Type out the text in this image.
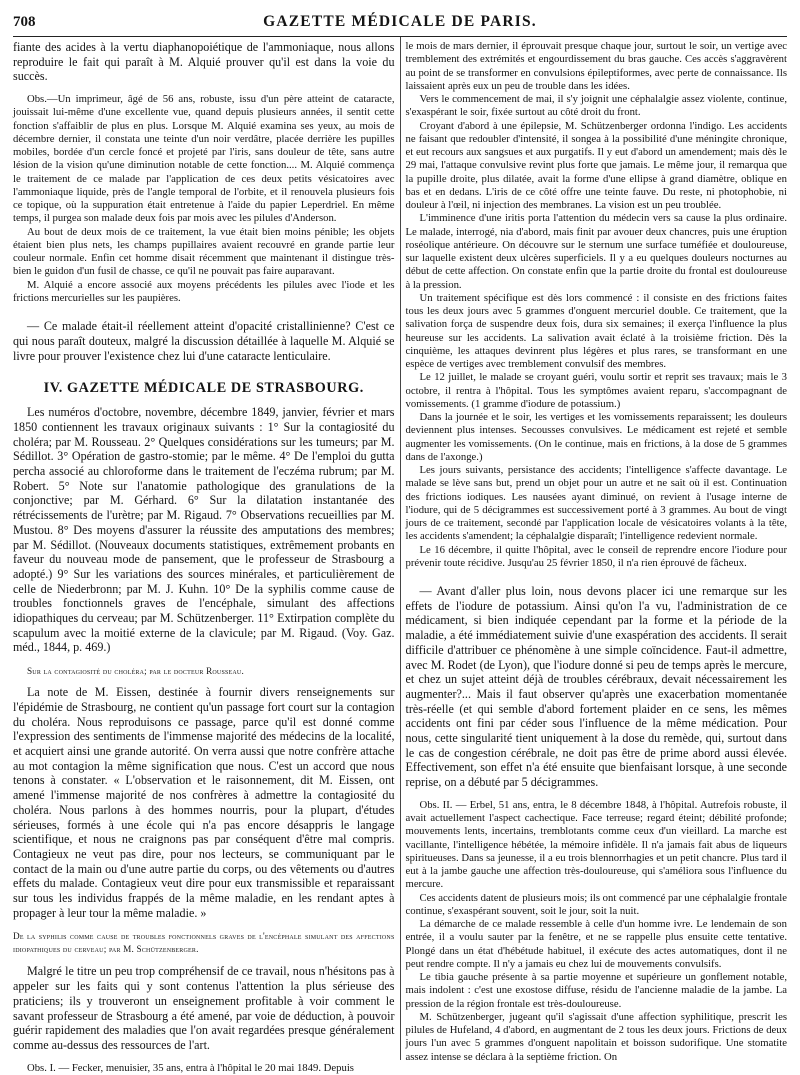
708	GAZETTE MÉDICALE DE PARIS.

fiante des acides à la vertu diaphanopoiétique de l'ammoniaque, nous allons reproduire le fait qui paraît à M. Alquié prouver qu'il est dans la voie du succès.

Obs.—Un imprimeur, âgé de 56 ans, robuste, issu d'un père atteint de cataracte, jouissait lui-même d'une excellente vue, quand depuis plusieurs années, il sentit cette fonction s'affaiblir de plus en plus. Lorsque M. Alquié examina ses yeux, au mois de décembre dernier, il constata une teinte d'un noir verdâtre, placée derrière les pupilles mobiles, bordée d'un cercle foncé et projeté par l'iris, sans douleur de tête, sans autre lésion de la vision qu'une diminution notable de cette fonction.... M. Alquié commença le traitement de ce malade par l'application de ces deux petits vésicatoires avec l'ammoniaque liquide, près de l'angle temporal de l'orbite, et il renouvela plusieurs fois ce topique, où la suppuration était entretenue à l'aide du papier Leperdriel. En même temps, il purgea son malade deux fois par mois avec les pilules d'Anderson.

Au bout de deux mois de ce traitement, la vue était bien moins pénible; les objets étaient bien plus nets, les champs pupillaires avaient recouvré en grande partie leur couleur normale. Enfin cet homme disait récemment que maintenant il distingue très-bien le guidon d'un fusil de chasse, ce qu'il ne pouvait pas faire auparavant.

M. Alquié a encore associé aux moyens précédents les pilules avec l'iode et les frictions mercurielles sur les paupières.

— Ce malade était-il réellement atteint d'opacité cristallinienne? C'est ce qui nous paraît douteux, malgré la discussion détaillée à laquelle M. Alquié se livre pour prouver l'existence chez lui d'une cataracte lenticulaire.

IV. GAZETTE MÉDICALE DE STRASBOURG.

Les numéros d'octobre, novembre, décembre 1849, janvier, février et mars 1850 contiennent les travaux originaux suivants : 1° Sur la contagiosité du choléra; par M. Rousseau. 2° Quelques considérations sur les tumeurs; par M. Sédillot. 3° Opération de gastro-stomie; par le même. 4° De l'emploi du gutta percha associé au chloroforme dans le traitement de l'eczéma rubrum; par M. Robert. 5° Note sur l'anatomie pathologique des granulations de la conjonctive; par M. Gérhard. 6° Sur la dilatation instantanée des rétrécissements de l'urètre; par M. Rigaud. 7° Observations recueillies par M. Mustou. 8° Des moyens d'assurer la réussite des amputations des membres; par M. Sédillot. (Nouveaux documents statistiques, extrêmement probants en faveur du nouveau mode de pansement, que le professeur de Strasbourg a adopté.) 9° Sur les variations des sources minérales, et particulièrement de celle de Niederbronn; par M. J. Kuhn. 10° De la syphilis comme cause de troubles fonctionnels graves de l'encéphale, simulant des affections idiopathiques du cerveau; par M. Schützenberger. 11° Extirpation complète du scapulum avec la moitié externe de la clavicule; par M. Rigaud. (Voy. Gaz. méd., 1844, p. 469.)

Sur la contagiosité du choléra; par le docteur Rousseau.

La note de M. Eissen, destinée à fournir divers renseignements sur l'épidémie de Strasbourg, ne contient qu'un passage fort court sur la contagion du choléra. Nous reproduisons ce passage, parce qu'il est donné comme l'expression des sentiments de l'immense majorité des médecins de la localité, et acquiert ainsi une grande autorité. On verra aussi que notre confrère attache au mot contagion la même signification que nous. C'est un accord que nous tenons à constater. « L'observation et le raisonnement, dit M. Eissen, ont amené l'immense majorité de nos confrères à admettre la contagiosité du choléra. Nous parlons à des hommes nourris, pour la plupart, d'études sérieuses, formés à une école qui n'a pas encore désappris le langage scientifique, et nous ne craignons pas par conséquent d'être mal compris. Contagieux ne veut pas dire, pour nos lecteurs, se communiquant par le contact de la main ou d'une autre partie du corps, ou des vêtements ou d'autres effets du malade. Contagieux veut dire pour eux transmissible et reparaissant sur tous les individus frappés de la même maladie, en les rendant aptes à propager à leur tour la même maladie. »

De la syphilis comme cause de troubles fonctionnels graves de l'encéphale simulant des affections idiopathiques du cerveau; par M. Schützenberger.

Malgré le titre un peu trop compréhensif de ce travail, nous n'hésitons pas à appeler sur les faits qui y sont contenus l'attention la plus sérieuse des praticiens; ils y trouveront un enseignement profitable à voir comment le savant professeur de Strasbourg a été amené, par voie de déduction, à pouvoir guérir rapidement des maladies que l'on avait regardées presque généralement comme au-dessus des ressources de l'art.

Obs. I. — Fecker, menuisier, 35 ans, entra à l'hôpital le 20 mai 1849. Depuis

le mois de mars dernier, il éprouvait presque chaque jour, surtout le soir, un vertige avec tremblement des extrémités et engourdissement du bras gauche. Ces accès s'aggravèrent au point de se transformer en convulsions épileptiformes, avec perte de connaissance. Ils laissaient après eux un peu de trouble dans les idées.

Vers le commencement de mai, il s'y joignit une céphalalgie assez violente, continue, s'exaspérant le soir, fixée surtout au côté droit du front.

Croyant d'abord à une épilepsie, M. Schützenberger ordonna l'indigo. Les accidents ne faisant que redoubler d'intensité, il songea à la possibilité d'une méningite chronique, et eut recours aux sangsues et aux purgatifs. Il y eut d'abord un amendement; mais dès le 29 mai, l'attaque convulsive revint plus forte que jamais. Le même jour, il remarqua que la pupille droite, plus dilatée, avait la forme d'une ellipse à grand diamètre, oblique en bas et en dedans. L'iris de ce côté offre une teinte fauve. Du reste, ni photophobie, ni douleur à l'œil, ni injection des membranes. La vision est un peu troublée.

L'imminence d'une iritis porta l'attention du médecin vers sa cause la plus ordinaire. Le malade, interrogé, nia d'abord, mais finit par avouer deux chancres, puis une éruption roséolique antérieure. On découvre sur le sternum une surface tuméfiée et douloureuse, sur laquelle existent deux ulcères superficiels. Il y a eu quelques douleurs nocturnes au début de cette affection. On constate enfin que la partie droite du frontal est douloureuse à la pression.

Un traitement spécifique est dès lors commencé : il consiste en des frictions faites tous les deux jours avec 5 grammes d'onguent mercuriel double. Ce traitement, que la salivation força de suspendre deux fois, dura six semaines; il exerça l'influence la plus heureuse sur les accidents. La salivation avait éclaté à la troisième friction. Dès la cinquième, les attaques devinrent plus légères et plus rares, se transformant en une espèce de vertiges avec tremblement convulsif des membres.

Le 12 juillet, le malade se croyant guéri, voulu sortir et reprit ses travaux; mais le 3 octobre, il rentra à l'hôpital. Tous les symptômes avaient reparu, s'accompagnant de vomissements. (1 gramme d'iodure de potassium.)

Dans la journée et le soir, les vertiges et les vomissements reparaissent; les douleurs deviennent plus intenses. Secousses convulsives. Le médicament est rejeté et semble augmenter les vomissements. (On le continue, mais en frictions, à la dose de 5 grammes dans de l'axonge.)

Les jours suivants, persistance des accidents; l'intelligence s'affecte davantage. Le malade se lève sans but, prend un objet pour un autre et ne sait où il est. Continuation des frictions iodiques. Les nausées ayant diminué, on revient à l'usage interne de l'iodure, qui de 5 décigrammes est successivement porté à 3 grammes. Au bout de vingt jours de ce traitement, secondé par l'application locale de vésicatoires volants à la tête, les accidents s'amendent; la céphalalgie disparaît; l'intelligence redevient normale.

Le 16 décembre, il quitte l'hôpital, avec le conseil de reprendre encore l'iodure pour prévenir toute récidive. Jusqu'au 25 février 1850, il n'a rien éprouvé de fâcheux.

— Avant d'aller plus loin, nous devons placer ici une remarque sur les effets de l'iodure de potassium. Ainsi qu'on l'a vu, l'administration de ce médicament, si bien indiquée cependant par la forme et la période de la maladie, a été immédiatement suivie d'une exaspération des accidents. Il serait difficile d'attribuer ce phénomène à une simple coïncidence. Faut-il admettre, avec M. Rodet (de Lyon), que l'iodure donné si peu de temps après le mercure, et chez un sujet atteint déjà de troubles cérébraux, devait nécessairement les augmenter?... Mais il faut observer qu'après une exacerbation momentanée très-réelle (et qui semble d'abord fortement plaider en ce sens, les mêmes accidents ont fini par céder sous l'influence de la même médication. Pour nous, cette singularité tient uniquement à la dose du remède, qui, surtout dans le cas de congestion cérébrale, ne doit pas être de prime abord aussi élevée. Effectivement, son effet n'a été ensuite que bienfaisant lorsque, à une seconde reprise, on a débuté par 5 décigrammes.

Obs. II. — Erbel, 51 ans, entra, le 8 décembre 1848, à l'hôpital. Autrefois robuste, il avait actuellement l'aspect cachectique. Face terreuse; regard éteint; débilité profonde; mouvements lents, incertains, tremblotants comme ceux d'un vieillard. La marche est vacillante, l'intelligence hébétée, la mémoire infidèle. Il n'a jamais fait abus de liqueurs spiritueuses. Dans sa jeunesse, il a eu trois blennorrhagies et un petit chancre. Plus tard il eut à la jambe gauche une affection très-douloureuse, qui s'améliora sous l'influence du mercure.

Ces accidents datent de plusieurs mois; ils ont commencé par une céphalalgie frontale continue, s'exaspérant souvent, soit le jour, soit la nuit.

La démarche de ce malade ressemble à celle d'un homme ivre. Le lendemain de son entrée, il a voulu sauter par la fenêtre, et ne se rappelle plus ensuite cette tentative. Plongé dans un état d'hébétude habituel, il exécute des actes automatiques, dont il ne peut rendre compte. Il n'y a jamais eu chez lui de mouvements convulsifs.

Le tibia gauche présente à sa partie moyenne et supérieure un gonflement notable, mais indolent : c'est une exostose diffuse, résidu de l'ancienne maladie de la jambe. La pression de la région frontale est très-douloureuse.

M. Schützenberger, jugeant qu'il s'agissait d'une affection syphilitique, prescrit les pilules de Hufeland, 4 d'abord, en augmentant de 2 tous les deux jours. Frictions de deux jours l'un avec 5 grammes d'onguent napolitain et boisson sudorifique. Une stomatite assez intense se déclara à la septième friction. On
